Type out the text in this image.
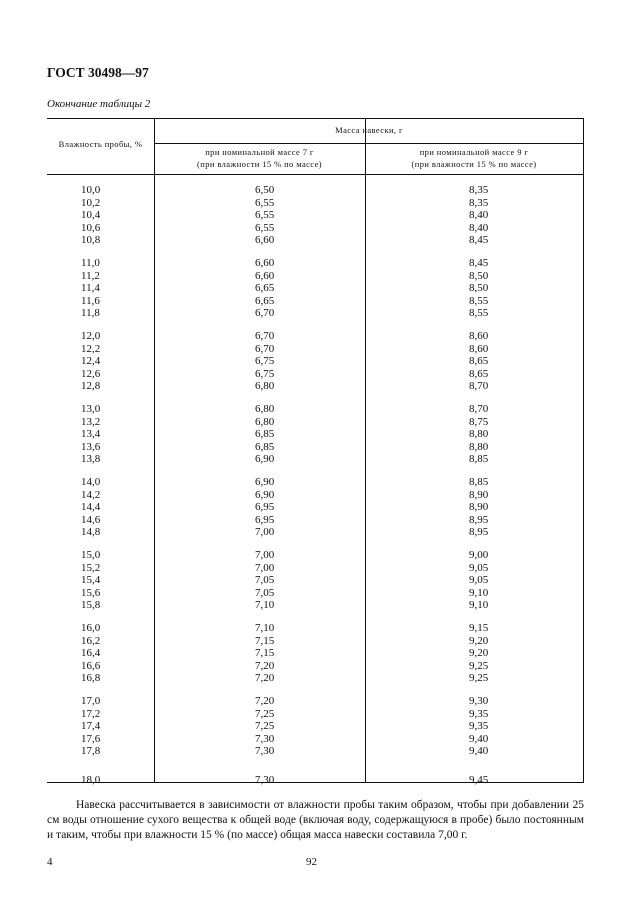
ГОСТ 30498—97
Окончание таблицы 2
Влажность пробы, %
Масса навески, г
при номинальной массе 7 г
(при влажности 15 % по массе)
при номинальной массе 9 г
(при влажности 15 % по массе)
10,0	6,50	8,35
10,2	6,55	8,35
10,4	6,55	8,40
10,6	6,55	8,40
10,8	6,60	8,45
11,0	6,60	8,45
11,2	6,60	8,50
11,4	6,65	8,50
11,6	6,65	8,55
11,8	6,70	8,55
12,0	6,70	8,60
12,2	6,70	8,60
12,4	6,75	8,65
12,6	6,75	8,65
12,8	6,80	8,70
13,0	6,80	8,70
13,2	6,80	8,75
13,4	6,85	8,80
13,6	6,85	8,80
13,8	6,90	8,85
14,0	6,90	8,85
14,2	6,90	8,90
14,4	6,95	8,90
14,6	6,95	8,95
14,8	7,00	8,95
15,0	7,00	9,00
15,2	7,00	9,05
15,4	7,05	9,05
15,6	7,05	9,10
15,8	7,10	9,10
16,0	7,10	9,15
16,2	7,15	9,20
16,4	7,15	9,20
16,6	7,20	9,25
16,8	7,20	9,25
17,0	7,20	9,30
17,2	7,25	9,35
17,4	7,25	9,35
17,6	7,30	9,40
17,8	7,30	9,40
18,0	7,30	9,45
Навеска рассчитывается в зависимости от влажности пробы таким образом, чтобы при добавлении 25 см воды отношение сухого вещества к общей воде (включая воду, содержащуюся в пробе) было постоянным и таким, чтобы при влажности 15 % (по массе) общая масса навески составила 7,00 г.
4	92
